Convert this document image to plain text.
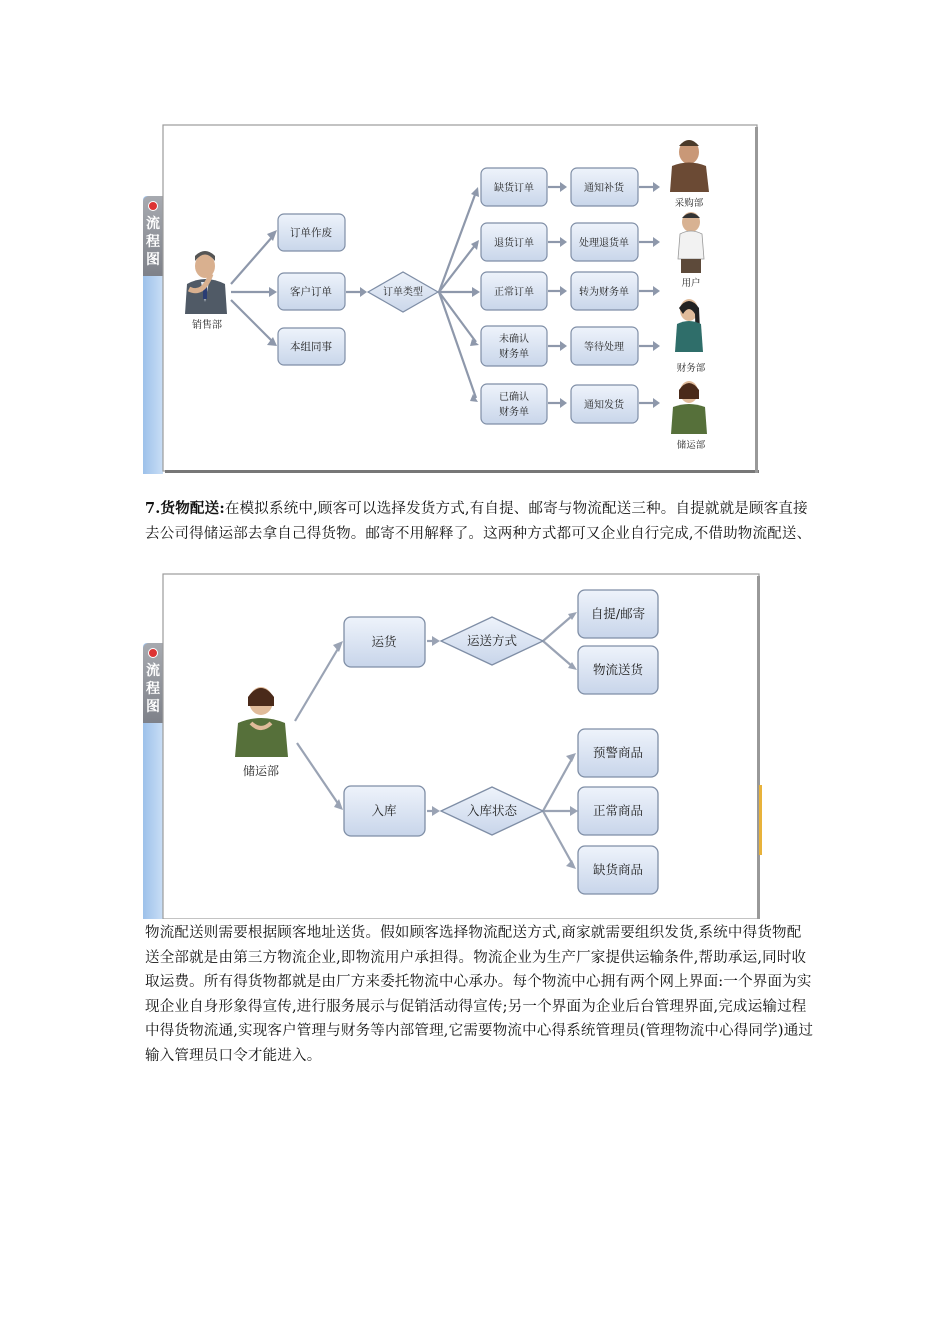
流程图
销售部
订单作废
客户订单
本组同事
订单类型
缺货订单
退货订单
正常订单
未确认
财务单
已确认
财务单
通知补货
处理退货单
转为财务单
等待处理
通知发货
采购部
用户
财务部
储运部

7.货物配送:在模拟系统中,顾客可以选择发货方式,有自提、邮寄与物流配送三种。自提就就是顾客直接去公司得储运部去拿自己得货物。邮寄不用解释了。这两种方式都可又企业自行完成,不借助物流配送、

流程图
储运部
运货	运送方式
自提/邮寄
物流送货
入库	入库状态
预警商品
正常商品
缺货商品

物流配送则需要根据顾客地址送货。假如顾客选择物流配送方式,商家就需要组织发货,系统中得货物配送全部就是由第三方物流企业,即物流用户承担得。物流企业为生产厂家提供运输条件,帮助承运,同时收取运费。所有得货物都就是由厂方来委托物流中心承办。每个物流中心拥有两个网上界面:一个界面为实现企业自身形象得宣传,进行服务展示与促销活动得宣传;另一个界面为企业后台管理界面,完成运输过程中得货物流通,实现客户管理与财务等内部管理,它需要物流中心得系统管理员(管理物流中心得同学)通过输入管理员口令才能进入。
